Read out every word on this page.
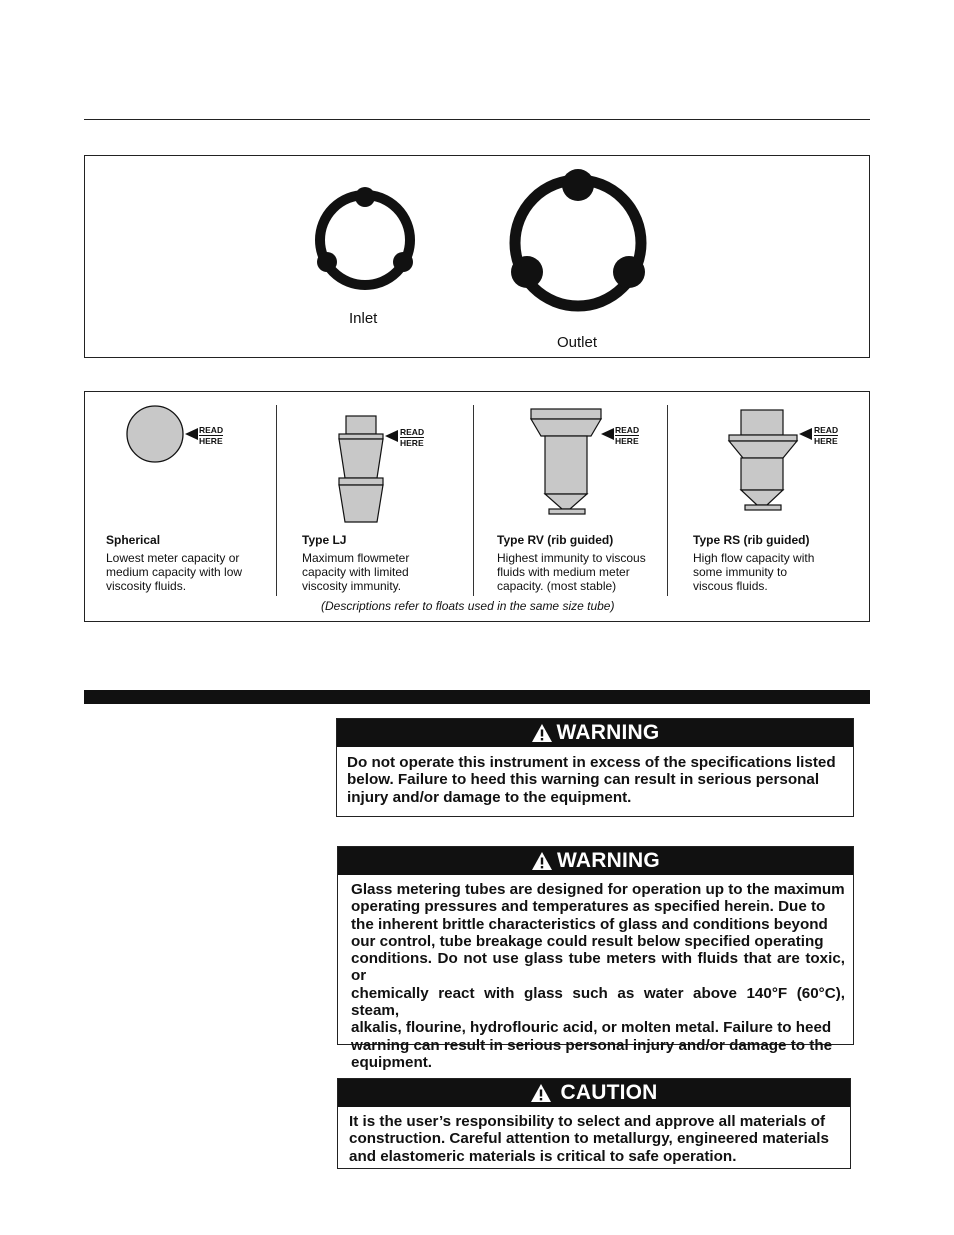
Inlet
Outlet
READ
HERE
READ
HERE
READ
HERE
READ
HERE
Spherical
Lowest meter capacity or
medium capacity with low
viscosity fluids.
Type LJ
Maximum flowmeter
capacity with limited
viscosity immunity.
Type RV (rib guided)
Highest immunity to viscous
fluids with medium meter
capacity. (most stable)
Type RS (rib guided)
High flow capacity with
some immunity to
viscous fluids.
(Descriptions refer to floats used in the same size tube)
WARNING
Do not operate this instrument in excess of the specifications listed
below. Failure to heed this warning can result in serious personal
injury and/or damage to the equipment.
WARNING
Glass metering tubes are designed for operation up to the maximum
operating pressures and temperatures as specified herein. Due to
the inherent brittle characteristics of glass and conditions beyond
our control, tube breakage could result below specified operating
conditions. Do not use glass tube meters with fluids that are toxic, or
chemically react with glass such as water above 140°F (60°C), steam,
alkalis, flourine, hydroflouric acid, or molten metal. Failure to heed
warning can result in serious personal injury and/or damage to the
equipment.
CAUTION
It is the user’s responsibility to select and approve all materials of
construction. Careful attention to metallurgy, engineered materials
and elastomeric materials is critical to safe operation.
